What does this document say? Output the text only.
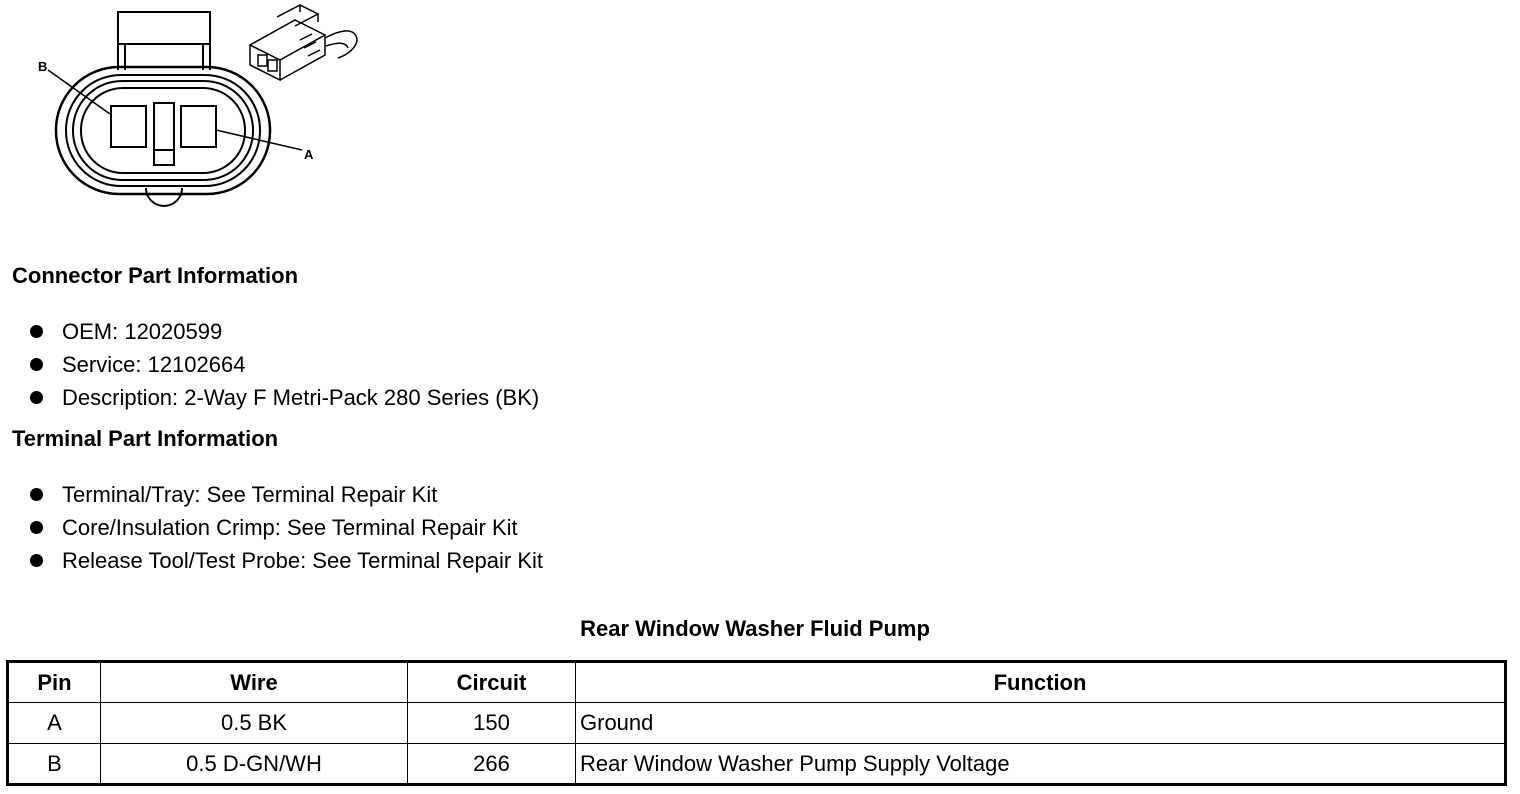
B
A
Connector Part Information
OEM: 12020599
Service: 12102664
Description: 2-Way F Metri-Pack 280 Series (BK)
Terminal Part Information
Terminal/Tray: See Terminal Repair Kit
Core/Insulation Crimp: See Terminal Repair Kit
Release Tool/Test Probe: See Terminal Repair Kit
Rear Window Washer Fluid Pump
Pin	Wire	Circuit	Function
A	0.5 BK	150	Ground
B	0.5 D-GN/WH	266	Rear Window Washer Pump Supply Voltage
